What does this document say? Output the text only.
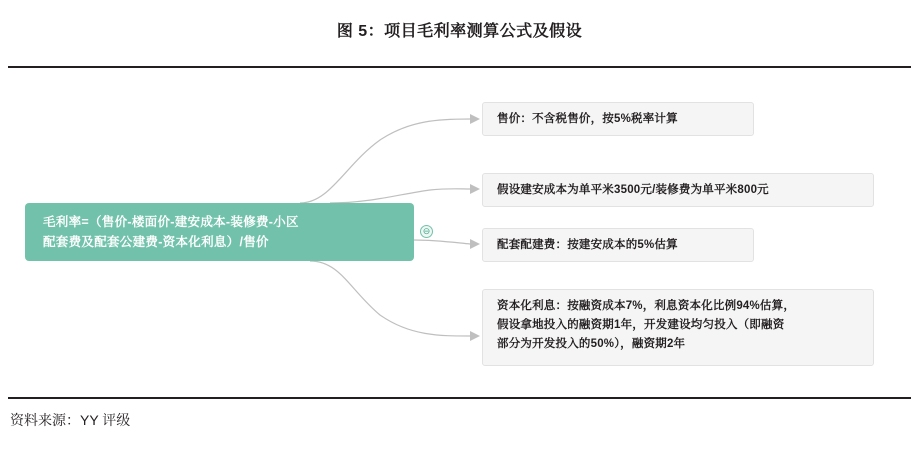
图 5：项目毛利率测算公式及假设
毛利率=（售价-楼面价-建安成本-装修费-小区
配套费及配套公建费-资本化利息）/售价
⊖
售价：不含税售价，按5%税率计算
假设建安成本为单平米3500元/装修费为单平米800元
配套配建费：按建安成本的5%估算
资本化利息：按融资成本7%，利息资本化比例94%估算，
假设拿地投入的融资期1年，开发建设均匀投入（即融资
部分为开发投入的50%），融资期2年
资料来源：YY 评级
